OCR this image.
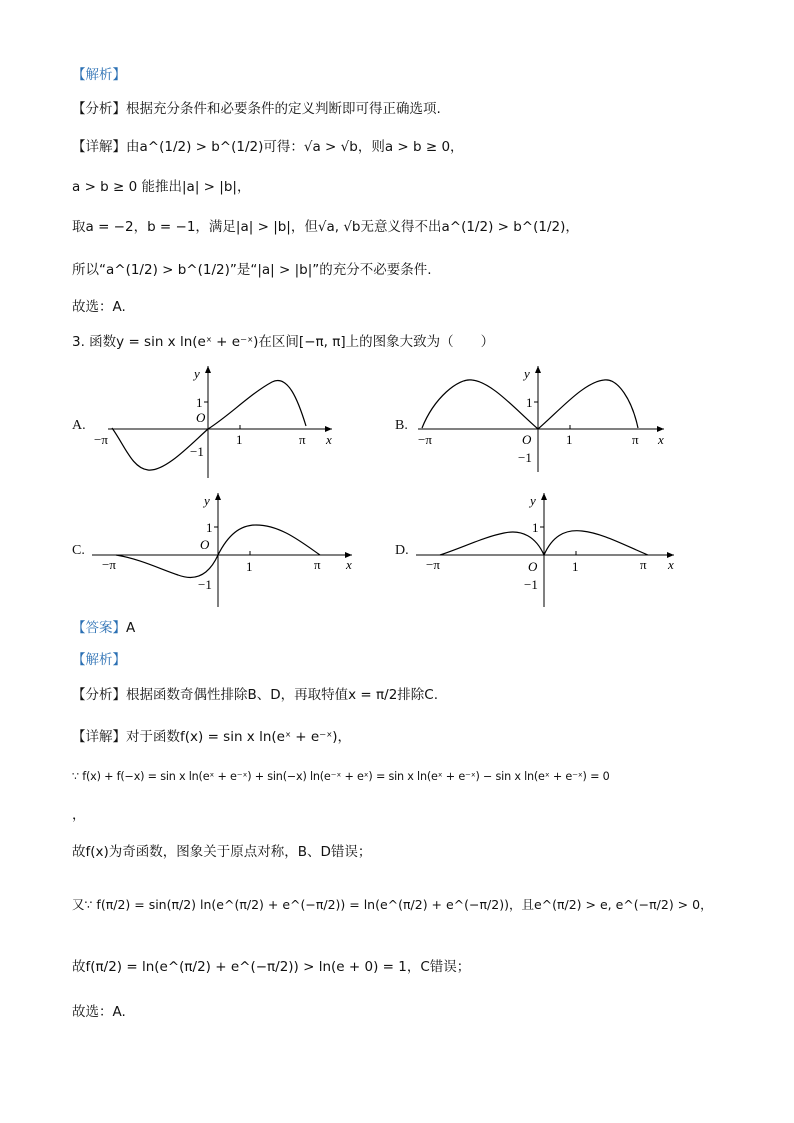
【解析】
【分析】根据充分条件和必要条件的定义判断即可得正确选项.
【详解】由a^(1/2) > b^(1/2)可得：√a > √b，则a > b ≥ 0，
a > b ≥ 0 能推出|a| > |b|，
取a = −2，b = −1，满足|a| > |b|，但√a, √b无意义得不出a^(1/2) > b^(1/2)，
所以“a^(1/2) > b^(1/2)”是“|a| > |b|”的充分不必要条件.
故选：A.
3. 函数y = sin x ln(eˣ + e⁻ˣ)在区间[−π, π]上的图象大致为（　　）
A.
y
x
O
1
−1
1	π
−π
B.
y
x
O
1
−1
1	π
−π
C.
y
x
O
1
−1
1	π
−π
D.
y
x
O
1
−1
1	π
−π
【答案】A
【解析】
【分析】根据函数奇偶性排除B、D，再取特值x = π/2排除C.
【详解】对于函数f(x) = sin x ln(eˣ + e⁻ˣ)，
∵ f(x) + f(−x) = sin x ln(eˣ + e⁻ˣ) + sin(−x) ln(e⁻ˣ + eˣ) = sin x ln(eˣ + e⁻ˣ) − sin x ln(eˣ + e⁻ˣ) = 0
，
故f(x)为奇函数，图象关于原点对称，B、D错误；
又∵ f(π/2) = sin(π/2) ln(e^(π/2) + e^(−π/2)) = ln(e^(π/2) + e^(−π/2))，且e^(π/2) > e, e^(−π/2) > 0，
故f(π/2) = ln(e^(π/2) + e^(−π/2)) > ln(e + 0) = 1，C错误；
故选：A.
